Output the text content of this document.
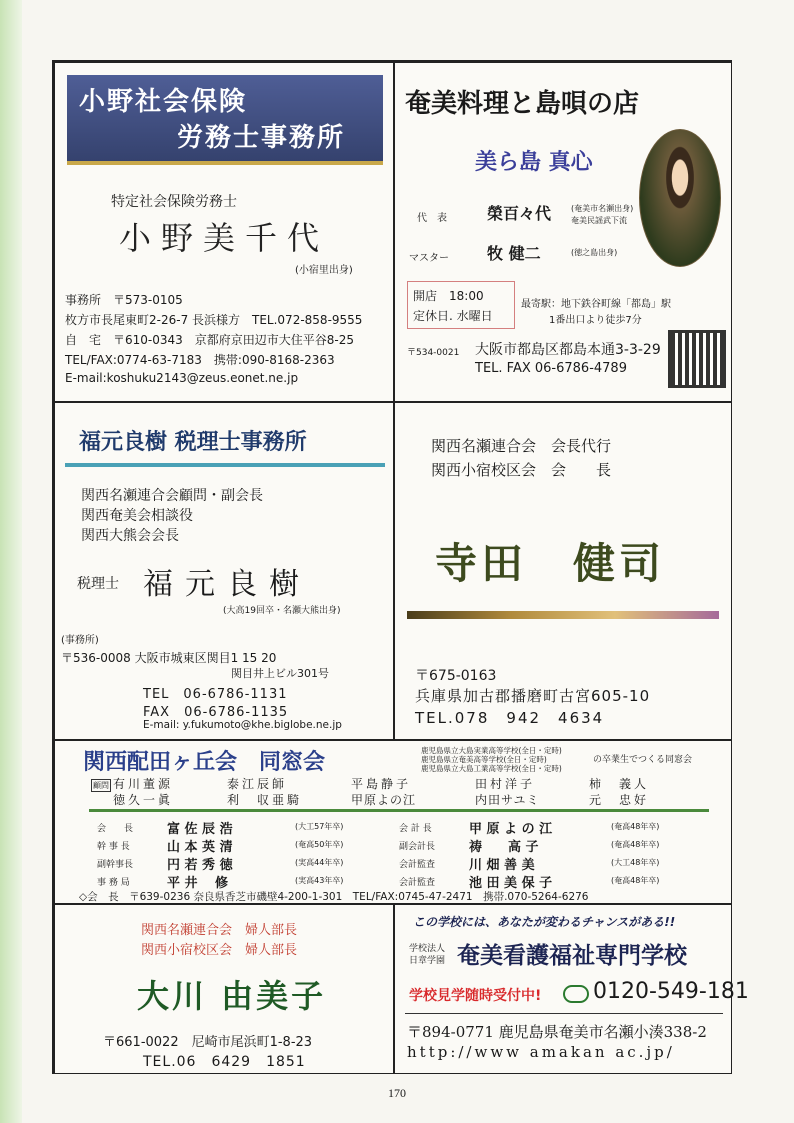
小野社会保険
労務士事務所
特定社会保険労務士
小野美千代
(小宿里出身)
事務所　〒573-0105
枚方市長尾東町2-26-7 長浜様方　TEL.072-858-9555
自　宅　〒610-0343　京都府京田辺市大住平谷8-25
TEL/FAX:0774-63-7183　携帯:090-8168-2363
E-mail:koshuku2143@zeus.eonet.ne.jp
奄美料理と島唄の店
美ら島 真心
代　表	榮百々代 (奄美市名瀬出身)
奄美民謡武下流
マスター 牧 健二	(徳之島出身)
開店　18:00
定休日. 水曜日
最寄駅：地下鉄谷町線「都島」駅
1番出口より徒歩7分
〒534-0021 大阪市都島区都島本通3-3-29
TEL. FAX 06-6786-4789
福元良樹 税理士事務所
関西名瀬連合会顧問・副会長
関西奄美会相談役
関西大熊会会長
税理士 福元良樹
(大高19回卒・名瀬大熊出身)
(事務所)
〒536-0008 大阪市城東区関目1 15 20
関目井上ビル301号
TEL　06-6786-1131
FAX　06-6786-1135
E-mail: y.fukumoto@khe.biglobe.ne.jp
関西名瀬連合会　会長代行
関西小宿校区会　会　　長
寺田　健司
〒675-0163
兵庫県加古郡播磨町古宮605-10
TEL.078　942　4634
関西配田ヶ丘会　同窓会	鹿児島県立大島実業高等学校(全日・定時)
鹿児島県立奄美高等学校(全日・定時)
鹿児島県立大島工業高等学校(全日・定時)
の卒業生でつくる同窓会
顧問 有川董源	泰江辰師	平島静子	田村洋子	柿　義人
徳久一眞	利　収亜騎	甲原よの江	内田サユミ	元　忠好
会　　長	富 佐 辰 浩	(大工57年卒)
幹 事 長	山 本 英 清	(奄高50年卒)
副幹事長	円 若 秀 徳	(実高44年卒)
事 務 局	平 井　 修	(実高43年卒)
会 計 長	甲 原 よ の 江	(奄高48年卒)
副会計長	祷　　高 子	(奄高48年卒)
会計監査	川 畑 善 美	(大工48年卒)
会計監査	池 田 美 保 子	(奄高48年卒)
◇会　長　〒639-0236 奈良県香芝市磯壁4-200-1-301　TEL/FAX:0745-47-2471　携帯.070-5264-6276
関西名瀬連合会　婦人部長
関西小宿校区会　婦人部長
大川 由美子
〒661-0022　尼崎市尾浜町1-8-23
TEL.06　6429　1851
この学校には、あなたが変わるチャンスがある!!
学校法人
日章学園 奄美看護福祉専門学校
学校見学随時受付中! 0120-549-181
〒894-0771 鹿児島県奄美市名瀬小湊338-2
http://www amakan ac.jp/
170
